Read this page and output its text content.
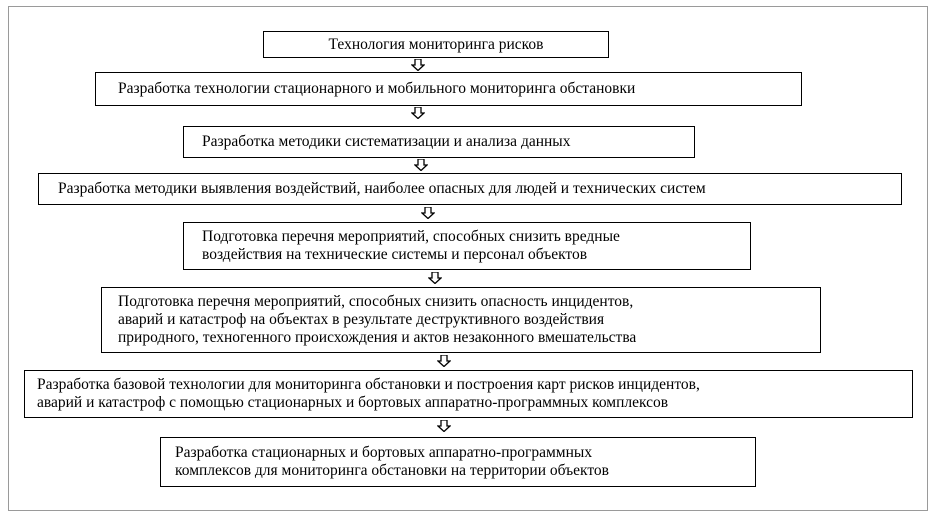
Технология мониторинга рисков
Разработка технологии стационарного и мобильного мониторинга обстановки
Разработка методики систематизации и анализа данных
Разработка методики выявления воздействий, наиболее опасных для людей и технических систем
Подготовка перечня мероприятий, способных снизить вредные
воздействия на технические системы и персонал объектов
Подготовка перечня мероприятий, способных снизить опасность инцидентов,
аварий и катастроф на объектах в результате деструктивного воздействия
природного, техногенного происхождения и актов незаконного вмешательства
Разработка базовой технологии для мониторинга обстановки и построения карт рисков инцидентов,
аварий и катастроф с помощью стационарных и бортовых аппаратно-программных комплексов
Разработка стационарных и бортовых аппаратно-программных
комплексов для мониторинга обстановки на территории объектов
